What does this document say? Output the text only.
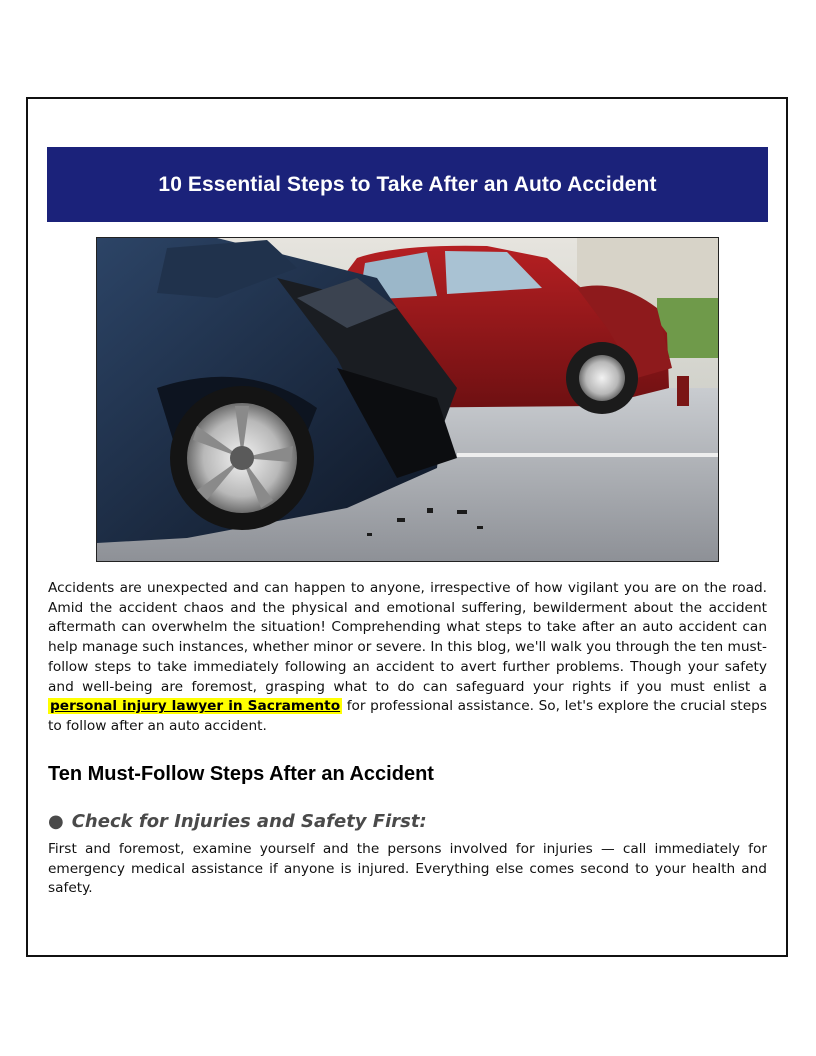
10 Essential Steps to Take After an Auto Accident

Accidents are unexpected and can happen to anyone, irrespective of how vigilant you are on the road. Amid the accident chaos and the physical and emotional suffering, bewilderment about the accident aftermath can overwhelm the situation! Comprehending what steps to take after an auto accident can help manage such instances, whether minor or severe. In this blog, we'll walk you through the ten must-follow steps to take immediately following an accident to avert further problems. Though your safety and well-being are foremost, grasping what to do can safeguard your rights if you must enlist a personal injury lawyer in Sacramento for professional assistance. So, let's explore the crucial steps to follow after an auto accident.

Ten Must-Follow Steps After an Accident
● Check for Injuries and Safety First:

First and foremost, examine yourself and the persons involved for injuries — call immediately for emergency medical assistance if anyone is injured. Everything else comes second to your health and safety.
